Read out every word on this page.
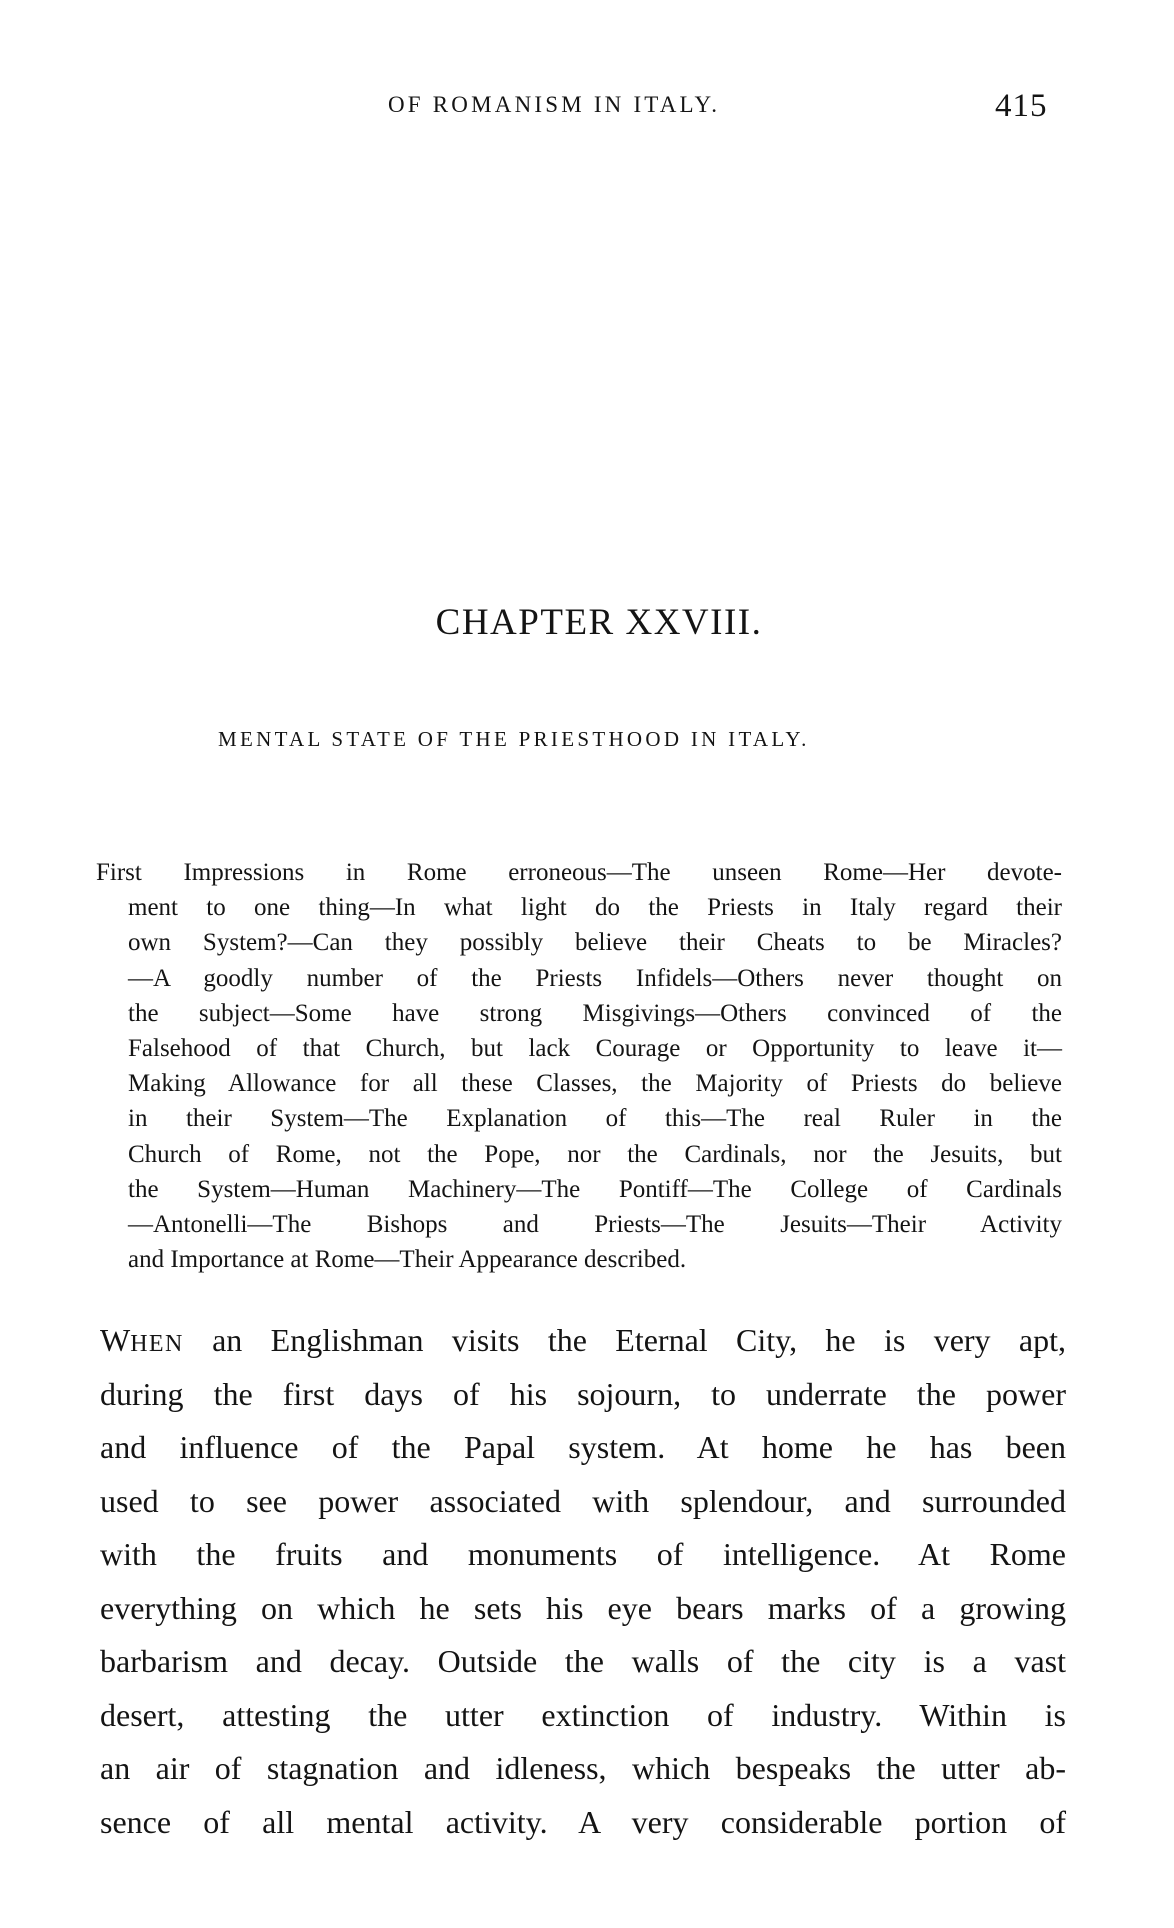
OF ROMANISM IN ITALY.	415
CHAPTER XXVIII.
MENTAL STATE OF THE PRIESTHOOD IN ITALY.
First Impressions in Rome erroneous—The unseen Rome—Her devote-
ment to one thing—In what light do the Priests in Italy regard their
own System?—Can they possibly believe their Cheats to be Miracles?
—A goodly number of the Priests Infidels—Others never thought on
the subject—Some have strong Misgivings—Others convinced of the
Falsehood of that Church, but lack Courage or Opportunity to leave it—
Making Allowance for all these Classes, the Majority of Priests do believe
in their System—The Explanation of this—The real Ruler in the
Church of Rome, not the Pope, nor the Cardinals, nor the Jesuits, but
the System—Human Machinery—The Pontiff—The College of Cardinals
—Antonelli—The Bishops and Priests—The Jesuits—Their Activity
and Importance at Rome—Their Appearance described.
WHEN an Englishman visits the Eternal City, he is very apt,
during the first days of his sojourn, to underrate the power
and influence of the Papal system. At home he has been
used to see power associated with splendour, and surrounded
with the fruits and monuments of intelligence. At Rome
everything on which he sets his eye bears marks of a growing
barbarism and decay. Outside the walls of the city is a vast
desert, attesting the utter extinction of industry. Within is
an air of stagnation and idleness, which bespeaks the utter ab-
sence of all mental activity. A very considerable portion of
